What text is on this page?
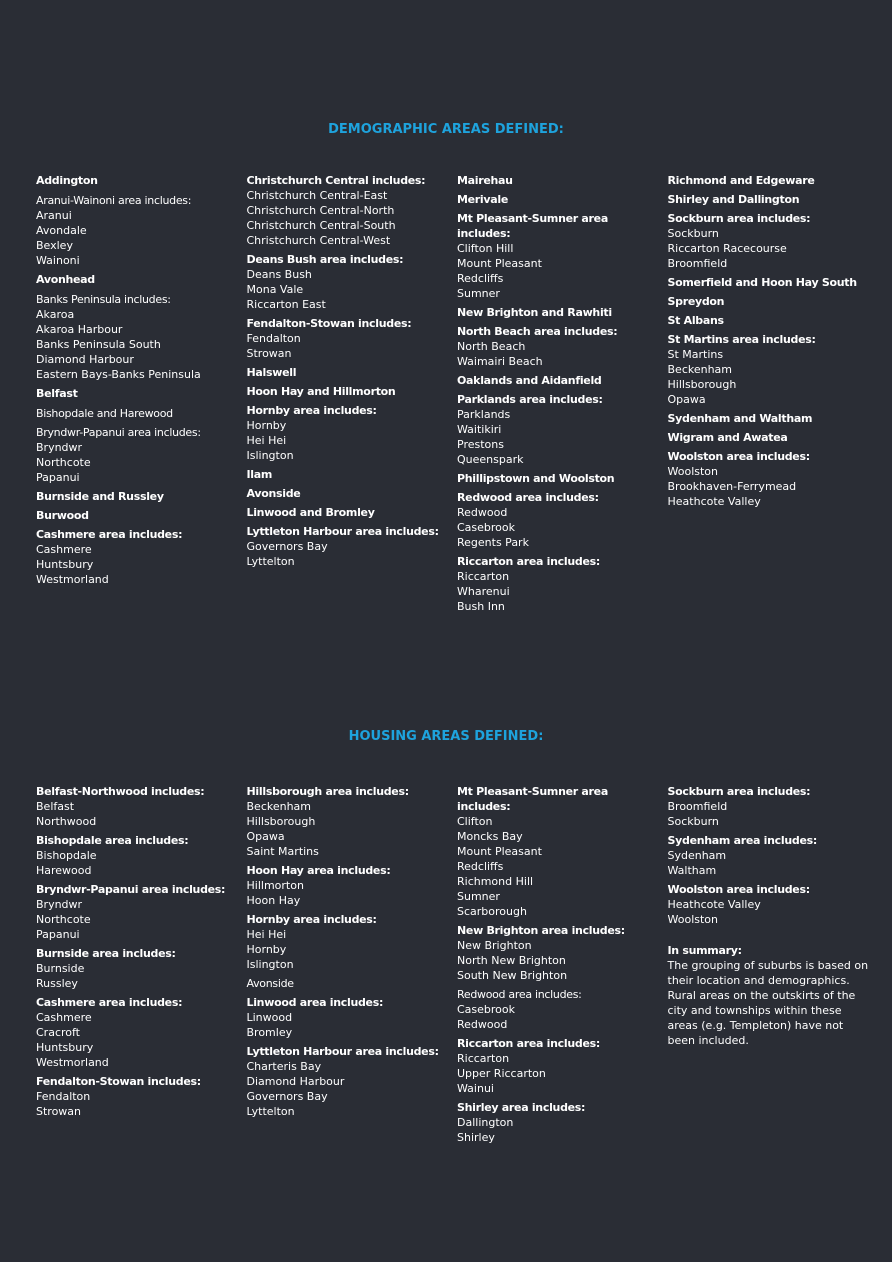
DEMOGRAPHIC AREAS DEFINED:
Addington
Aranui-Wainoni area includes:
Aranui
Avondale
Bexley
Wainoni
Avonhead
Banks Peninsula includes:
Akaroa
Akaroa Harbour
Banks Peninsula South
Diamond Harbour
Eastern Bays-Banks Peninsula
Belfast
Bishopdale and Harewood
Bryndwr-Papanui area includes:
Bryndwr
Northcote
Papanui
Burnside and Russley
Burwood
Cashmere area includes:
Cashmere
Huntsbury
Westmorland
Christchurch Central includes:
Christchurch Central-East
Christchurch Central-North
Christchurch Central-South
Christchurch Central-West
Deans Bush area includes:
Deans Bush
Mona Vale
Riccarton East
Fendalton-Stowan includes:
Fendalton
Strowan
Halswell
Hoon Hay and Hillmorton
Hornby area includes:
Hornby
Hei Hei
Islington
Ilam
Avonside
Linwood and Bromley
Lyttleton Harbour area includes:
Governors Bay
Lyttelton
Mairehau
Merivale
Mt Pleasant-Sumner area includes:
Clifton Hill
Mount Pleasant
Redcliffs
Sumner
New Brighton and Rawhiti
North Beach area includes:
North Beach
Waimairi Beach
Oaklands and Aidanfield
Parklands area includes:
Parklands
Waitikiri
Prestons
Queenspark
Phillipstown and Woolston
Redwood area includes:
Redwood
Casebrook
Regents Park
Riccarton area includes:
Riccarton
Wharenui
Bush Inn
Richmond and Edgeware
Shirley and Dallington
Sockburn area includes:
Sockburn
Riccarton Racecourse
Broomfield
Somerfield and Hoon Hay South
Spreydon
St Albans
St Martins area includes:
St Martins
Beckenham
Hillsborough
Opawa
Sydenham and Waltham
Wigram and Awatea
Woolston area includes:
Woolston
Brookhaven-Ferrymead
Heathcote Valley
HOUSING AREAS DEFINED:
Belfast-Northwood includes:
Belfast
Northwood
Bishopdale area includes:
Bishopdale
Harewood
Bryndwr-Papanui area includes:
Bryndwr
Northcote
Papanui
Burnside area includes:
Burnside
Russley
Cashmere area includes:
Cashmere
Cracroft
Huntsbury
Westmorland
Fendalton-Stowan includes:
Fendalton
Strowan
Hillsborough area includes:
Beckenham
Hillsborough
Opawa
Saint Martins
Hoon Hay area includes:
Hillmorton
Hoon Hay
Hornby area includes:
Hei Hei
Hornby
Islington
Avonside
Linwood area includes:
Linwood
Bromley
Lyttleton Harbour area includes:
Charteris Bay
Diamond Harbour
Governors Bay
Lyttelton
Mt Pleasant-Sumner area includes:
Clifton
Moncks Bay
Mount Pleasant
Redcliffs
Richmond Hill
Sumner
Scarborough
New Brighton area includes:
New Brighton
North New Brighton
South New Brighton
Redwood area includes:
Casebrook
Redwood
Riccarton area includes:
Riccarton
Upper Riccarton
Wainui
Shirley area includes:
Dallington
Shirley
Sockburn area includes:
Broomfield
Sockburn
Sydenham area includes:
Sydenham
Waltham
Woolston area includes:
Heathcote Valley
Woolston
In summary:
The grouping of suburbs is based on their location and demographics. Rural areas on the outskirts of the city and townships within these areas (e.g. Templeton) have not been included.
